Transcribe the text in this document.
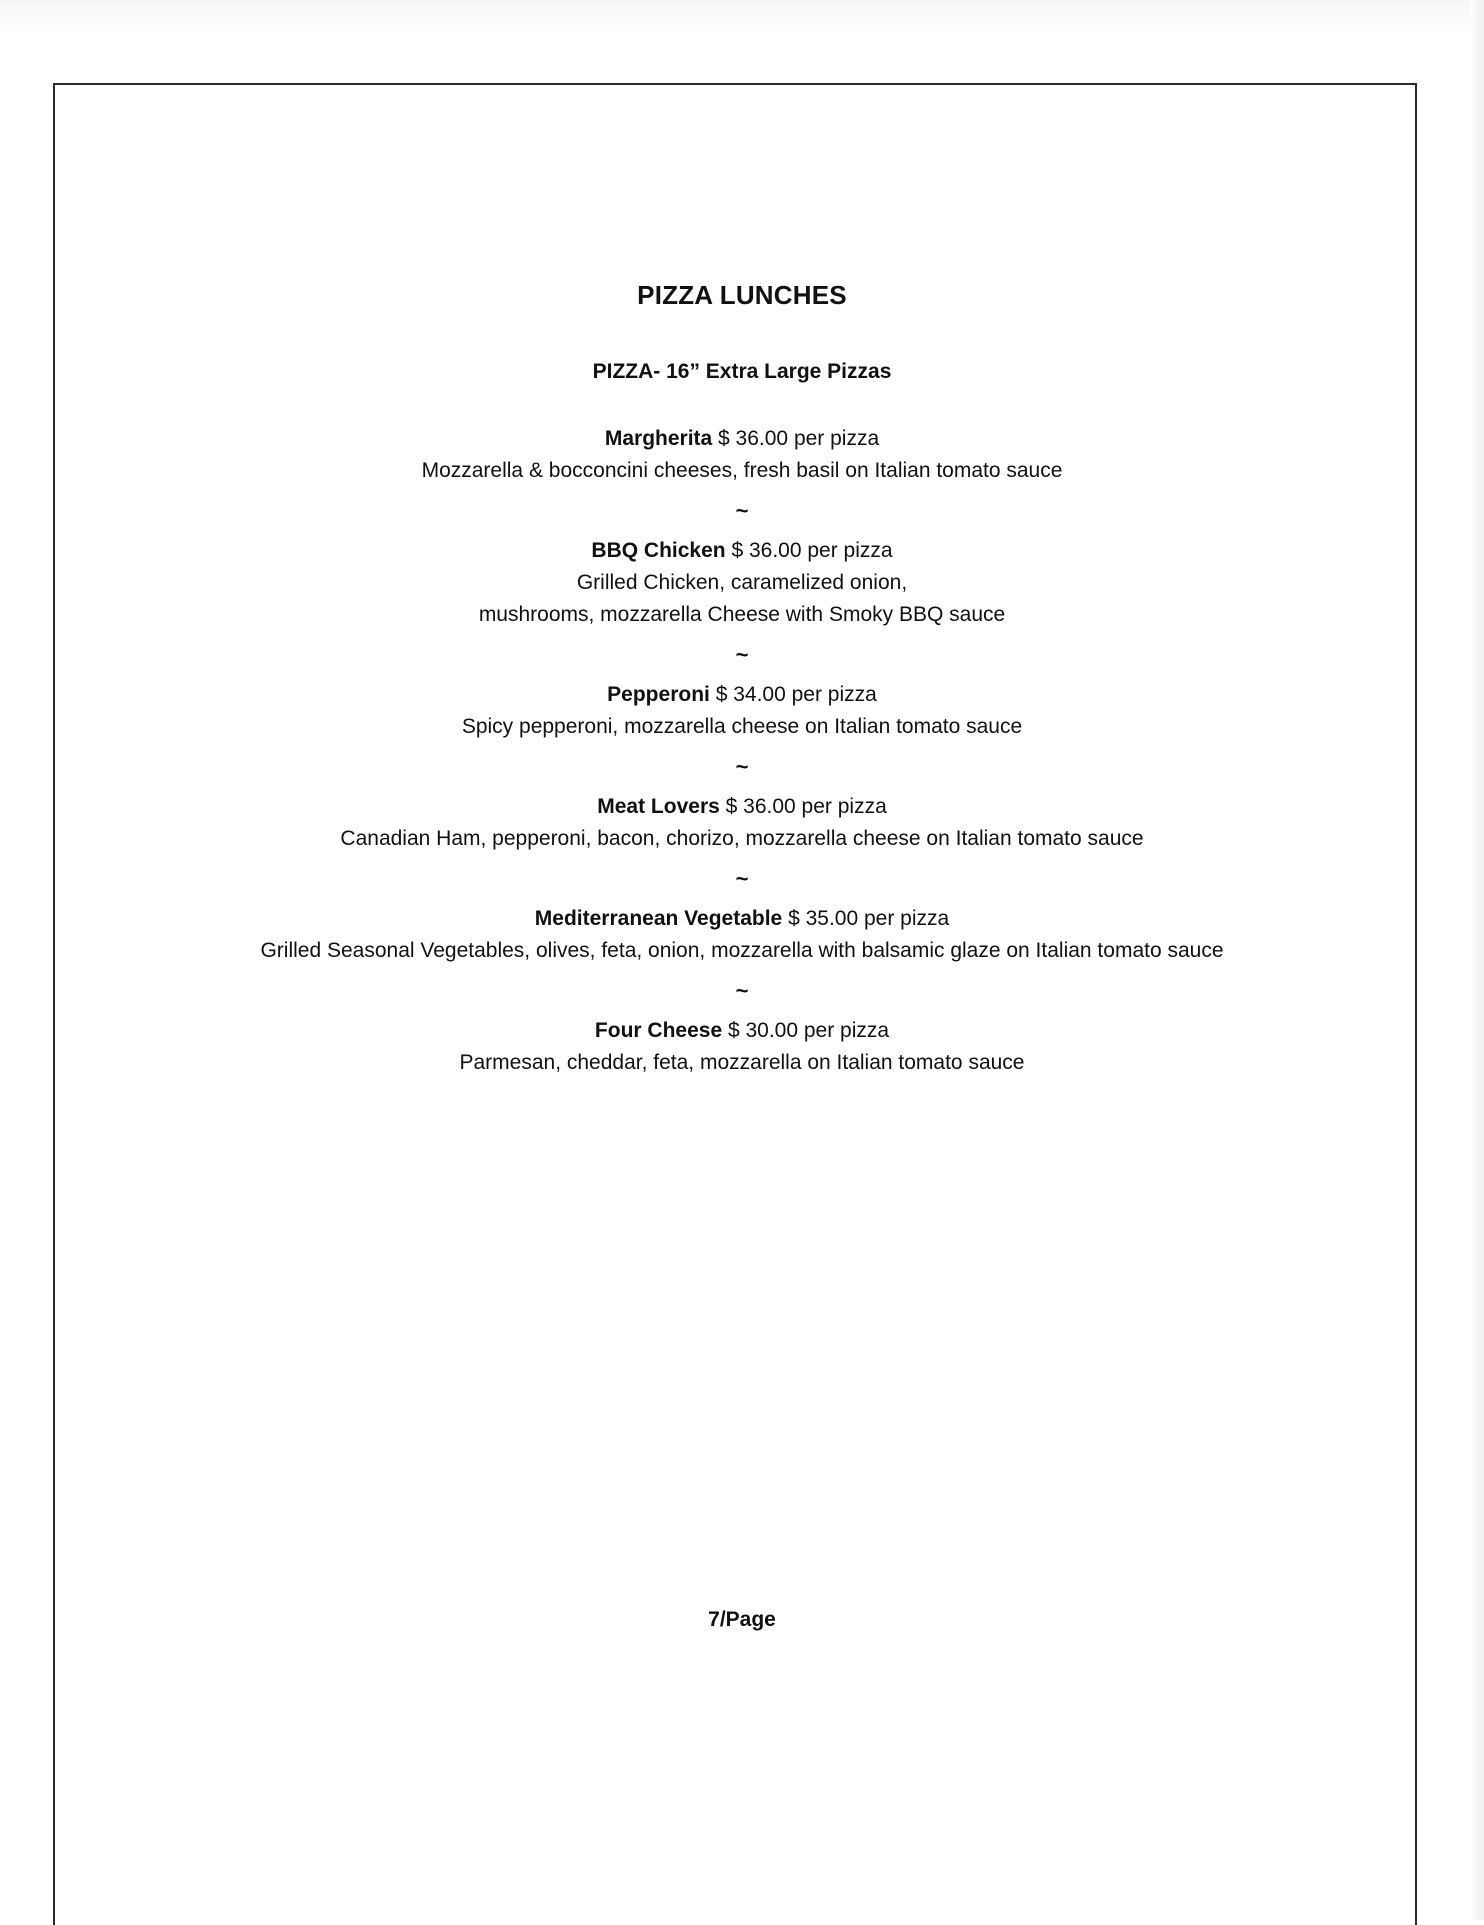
PIZZA LUNCHES
PIZZA- 16” Extra Large Pizzas
Margherita $ 36.00 per pizza
Mozzarella & bocconcini cheeses, fresh basil on Italian tomato sauce
~
BBQ Chicken $ 36.00 per pizza
Grilled Chicken, caramelized onion,
mushrooms, mozzarella Cheese with Smoky BBQ sauce
~
Pepperoni $ 34.00 per pizza
Spicy pepperoni, mozzarella cheese on Italian tomato sauce
~
Meat Lovers $ 36.00 per pizza
Canadian Ham, pepperoni, bacon, chorizo, mozzarella cheese on Italian tomato sauce
~
Mediterranean Vegetable $ 35.00 per pizza
Grilled Seasonal Vegetables, olives, feta, onion, mozzarella with balsamic glaze on Italian tomato sauce
~
Four Cheese $ 30.00 per pizza
Parmesan, cheddar, feta, mozzarella on Italian tomato sauce
7/Page
